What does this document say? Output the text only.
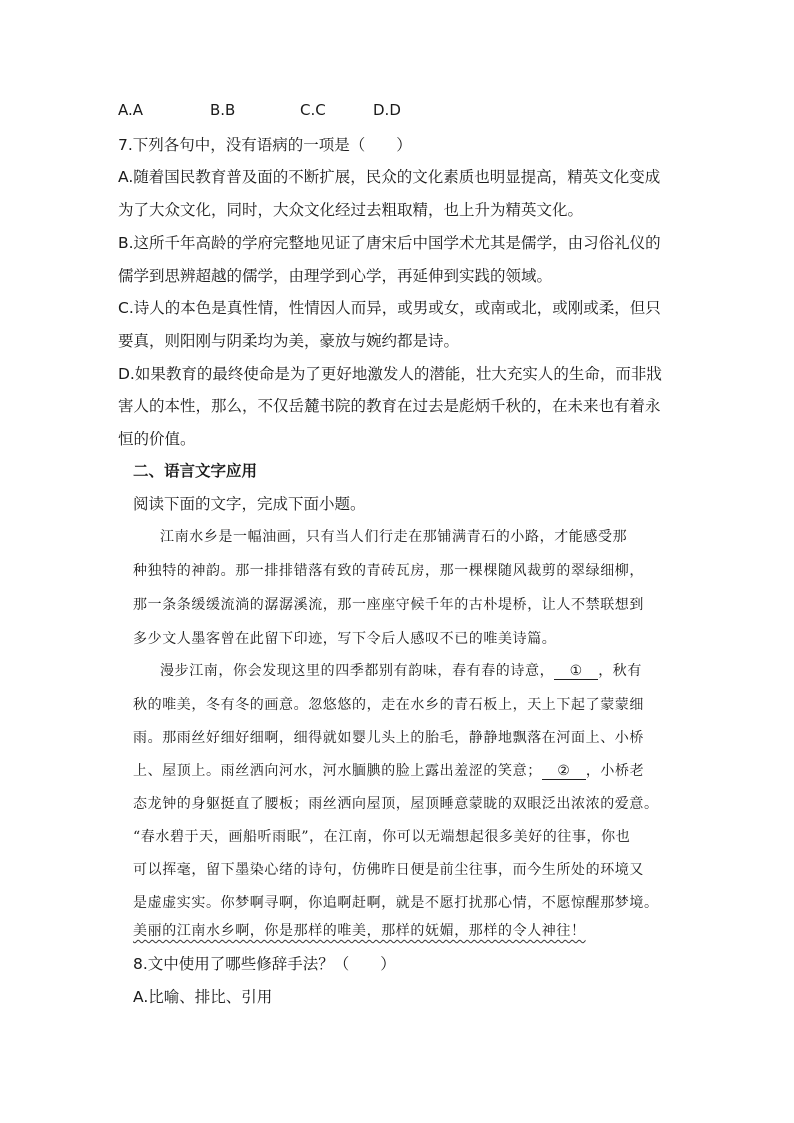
A.A	B.B	C.C	D.D
7.下列各句中，没有语病的一项是（　　）
A.随着国民教育普及面的不断扩展，民众的文化素质也明显提高，精英文化变成
为了大众文化，同时，大众文化经过去粗取精，也上升为精英文化。
B.这所千年高龄的学府完整地见证了唐宋后中国学术尤其是儒学，由习俗礼仪的
儒学到思辨超越的儒学，由理学到心学，再延伸到实践的领域。
C.诗人的本色是真性情，性情因人而异，或男或女，或南或北，或刚或柔，但只
要真，则阳刚与阴柔均为美，豪放与婉约都是诗。
D.如果教育的最终使命是为了更好地激发人的潜能，壮大充实人的生命，而非戕
害人的本性，那么，不仅岳麓书院的教育在过去是彪炳千秋的，在未来也有着永
恒的价值。
二、语言文字应用
阅读下面的文字，完成下面小题。
江南水乡是一幅油画，只有当人们行走在那铺满青石的小路，才能感受那
种独特的神韵。那一排排错落有致的青砖瓦房，那一棵棵随风裁剪的翠绿细柳，
那一条条缓缓流淌的潺潺溪流，那一座座守候千年的古朴堤桥，让人不禁联想到
多少文人墨客曾在此留下印迹，写下令后人感叹不已的唯美诗篇。
漫步江南，你会发现这里的四季都别有韵味，春有春的诗意， ① ，秋有
秋的唯美，冬有冬的画意。忽悠悠的，走在水乡的青石板上，天上下起了蒙蒙细
雨。那雨丝好细好细啊，细得就如婴儿头上的胎毛，静静地飘落在河面上、小桥
上、屋顶上。雨丝洒向河水，河水腼腆的脸上露出羞涩的笑意； ② ，小桥老
态龙钟的身躯挺直了腰板；雨丝洒向屋顶，屋顶睡意蒙眬的双眼泛出浓浓的爱意。
“春水碧于天，画船听雨眠”，在江南，你可以无端想起很多美好的往事，你也
可以挥毫，留下墨染心绪的诗句，仿佛昨日便是前尘往事，而今生所处的环境又
是虚虚实实。你梦啊寻啊，你追啊赶啊，就是不愿打扰那心情，不愿惊醒那梦境。
美丽的江南水乡啊，你是那样的唯美，那样的妩媚，那样的令人神往！
8.文中使用了哪些修辞手法？（　　）
A.比喻、排比、引用
